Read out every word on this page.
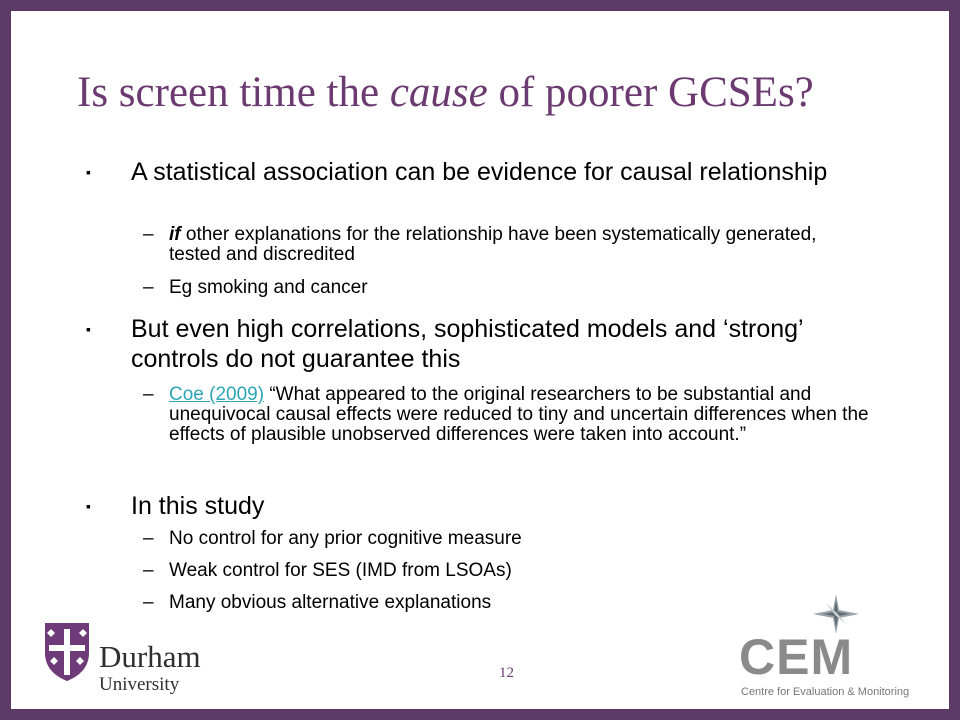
Is screen time the cause of poorer GCSEs?
▪ A statistical association can be evidence for causal relationship
– if other explanations for the relationship have been systematically generated, tested and discredited
– Eg smoking and cancer
▪ But even high correlations, sophisticated models and ‘strong’ controls do not guarantee this
– Coe (2009) “What appeared to the original researchers to be substantial and unequivocal causal effects were reduced to tiny and uncertain differences when the effects of plausible unobserved differences were taken into account.”
▪ In this study
– No control for any prior cognitive measure
– Weak control for SES (IMD from LSOAs)
– Many obvious alternative explanations
12
Durham
University	CEM
Centre for Evaluation & Monitoring
